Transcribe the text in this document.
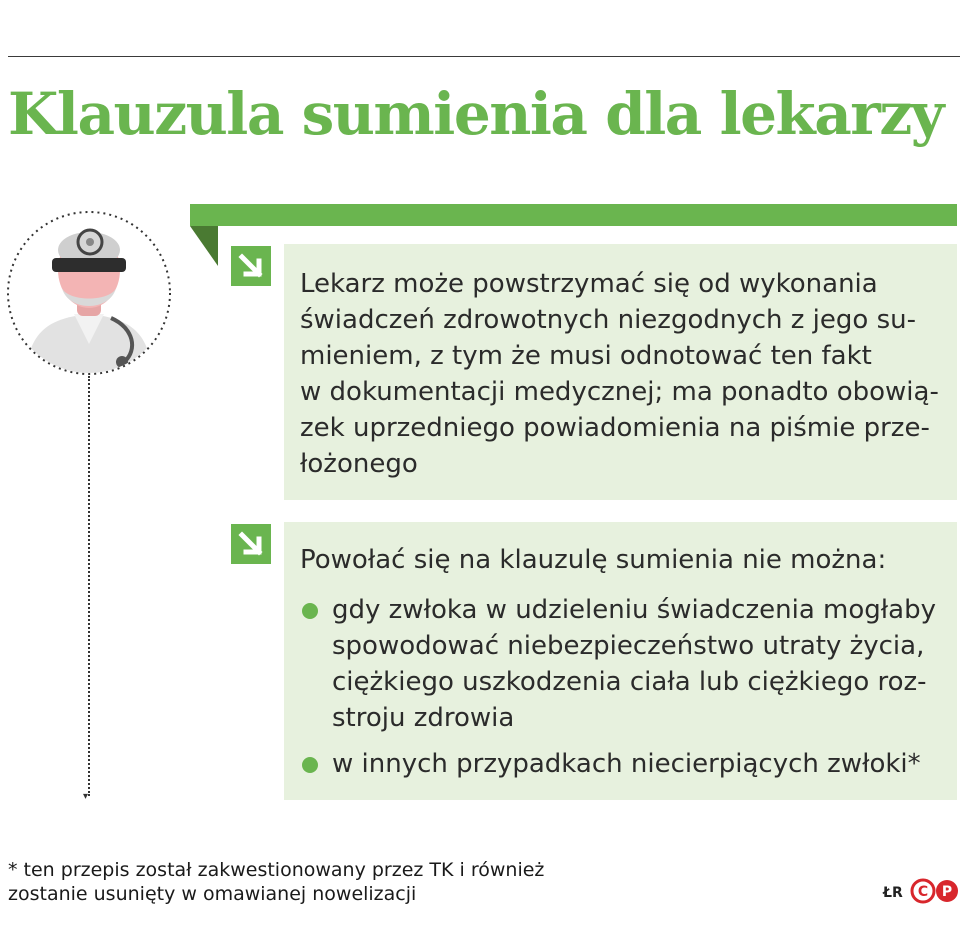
Klauzula sumienia dla lekarzy
▾

Lekarz może powstrzymać się od wykonania
świadczeń zdrowotnych niezgodnych z jego su-
mieniem, z tym że musi odnotować ten fakt
w dokumentacji medycznej; ma ponadto obowią-
zek uprzedniego powiadomienia na piśmie prze-
łożonego

Powołać się na klauzulę sumienia nie można:

gdy zwłoka w udzieleniu świadczenia mogłaby
spowodować niebezpieczeństwo utraty życia,
ciężkiego uszkodzenia ciała lub ciężkiego roz-
stroju zdrowia
w innych przypadkach niecierpiących zwłoki*

* ten przepis został zakwestionowany przez TK i również
zostanie usunięty w omawianej nowelizacji	ŁR C P
